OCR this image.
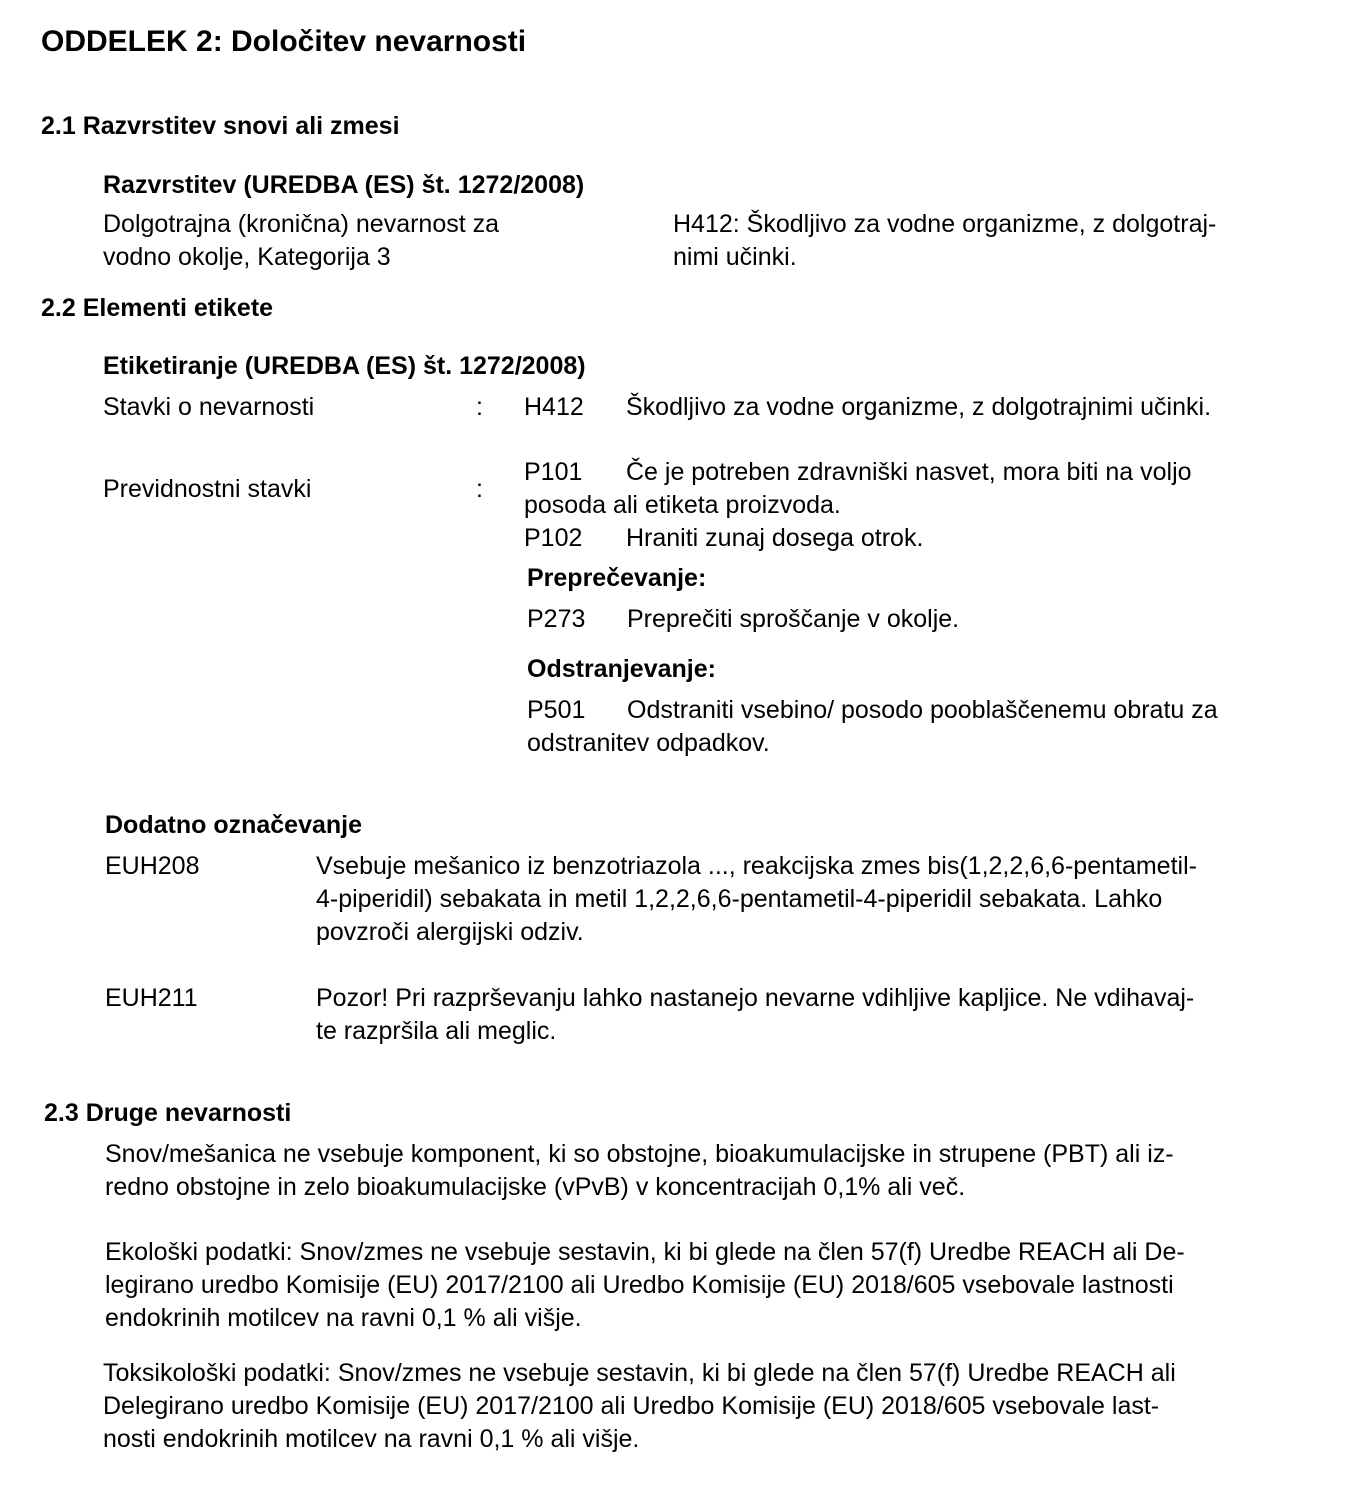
ODDELEK 2: Določitev nevarnosti
2.1 Razvrstitev snovi ali zmesi
Razvrstitev (UREDBA (ES) št. 1272/2008)
Dolgotrajna (kronična) nevarnost za
vodno okolje, Kategorija 3
H412: Škodljivo za vodne organizme, z dolgotraj-
nimi učinki.
2.2 Elementi etikete
Etiketiranje (UREDBA (ES) št. 1272/2008)
Stavki o nevarnosti	: H412 Škodljivo za vodne organizme, z dolgotrajnimi učinki.
Previdnostni stavki	:
P101 Če je potreben zdravniški nasvet, mora biti na voljo
posoda ali etiketa proizvoda.
P102 Hraniti zunaj dosega otrok.
Preprečevanje:
P273 Preprečiti sproščanje v okolje.
Odstranjevanje:
P501 Odstraniti vsebino/ posodo pooblaščenemu obratu za
odstranitev odpadkov.
Dodatno označevanje
EUH208	Vsebuje mešanico iz benzotriazola ..., reakcijska zmes bis(1,2,2,6,6-pentametil-
4-piperidil) sebakata in metil 1,2,2,6,6-pentametil-4-piperidil sebakata. Lahko
povzroči alergijski odziv.
EUH211	Pozor! Pri razprševanju lahko nastanejo nevarne vdihljive kapljice. Ne vdihavaj-
te razpršila ali meglic.
2.3 Druge nevarnosti
Snov/mešanica ne vsebuje komponent, ki so obstojne, bioakumulacijske in strupene (PBT) ali iz-
redno obstojne in zelo bioakumulacijske (vPvB) v koncentracijah 0,1% ali več.
Ekološki podatki: Snov/zmes ne vsebuje sestavin, ki bi glede na člen 57(f) Uredbe REACH ali De-
legirano uredbo Komisije (EU) 2017/2100 ali Uredbo Komisije (EU) 2018/605 vsebovale lastnosti
endokrinih motilcev na ravni 0,1 % ali višje.
Toksikološki podatki: Snov/zmes ne vsebuje sestavin, ki bi glede na člen 57(f) Uredbe REACH ali
Delegirano uredbo Komisije (EU) 2017/2100 ali Uredbo Komisije (EU) 2018/605 vsebovale last-
nosti endokrinih motilcev na ravni 0,1 % ali višje.
